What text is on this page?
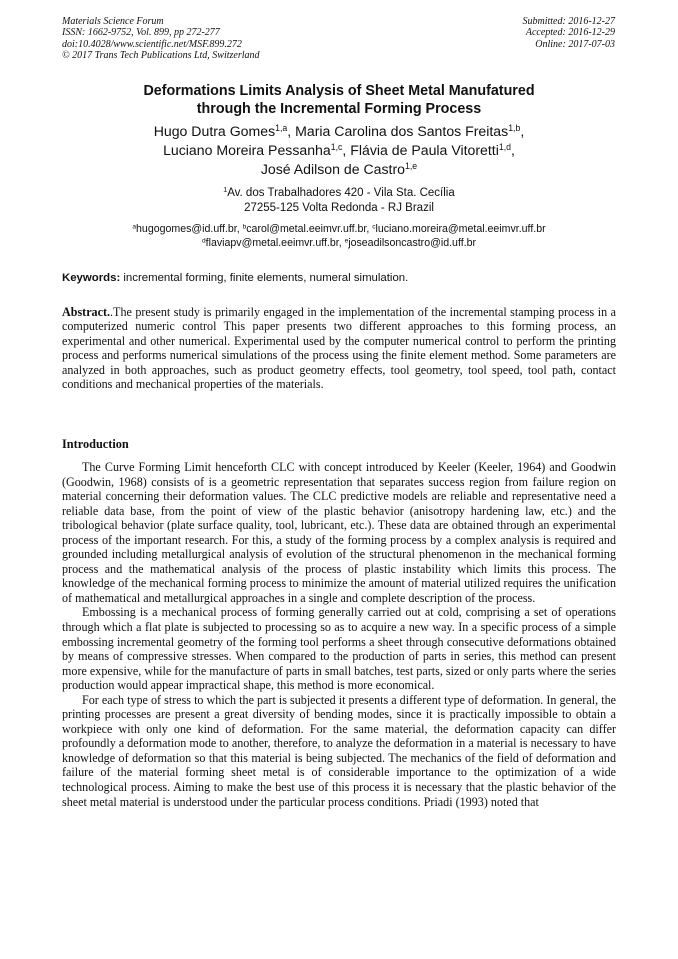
Materials Science Forum
ISSN: 1662-9752, Vol. 899, pp 272-277
doi:10.4028/www.scientific.net/MSF.899.272
© 2017 Trans Tech Publications Ltd, Switzerland
Submitted: 2016-12-27
Accepted: 2016-12-29
Online: 2017-07-03
Deformations Limits Analysis of Sheet Metal Manufatured
through the Incremental Forming Process
Hugo Dutra Gomes$^{1,a}$, Maria Carolina dos Santos Freitas$^{1,b}$,
Luciano Moreira Pessanha$^{1,c}$, Flávia de Paula Vitoretti$^{1,d}$,
José Adilson de Castro$^{1,e}$
$^1$Av. dos Trabalhadores 420 - Vila Sta. Cecília
27255-125 Volta Redonda - RJ Brazil
$^a$hugogomes@id.uff.br, $^b$carol@metal.eeimvr.uff.br, $^c$luciano.moreira@metal.eeimvr.uff.br
$^d$flaviapv@metal.eeimvr.uff.br, $^e$joseadilsoncastro@id.uff.br
Keywords: incremental forming, finite elements, numeral simulation.
Abstract..The present study is primarily engaged in the implementation of the incremental stamping process in a computerized numeric control This paper presents two different approaches to this forming process, an experimental and other numerical. Experimental used by the computer numerical control to perform the printing process and performs numerical simulations of the process using the finite element method. Some parameters are analyzed in both approaches, such as product geometry effects, tool geometry, tool speed, tool path, contact conditions and mechanical properties of the materials.
Introduction

The Curve Forming Limit henceforth CLC with concept introduced by Keeler (Keeler, 1964) and Goodwin (Goodwin, 1968) consists of is a geometric representation that separates success region from failure region on material concerning their deformation values. The CLC predictive models are reliable and representative need a reliable data base, from the point of view of the plastic behavior (anisotropy hardening law, etc.) and the tribological behavior (plate surface quality, tool, lubricant, etc.). These data are obtained through an experimental process of the important research. For this, a study of the forming process by a complex analysis is required and grounded including metallurgical analysis of evolution of the structural phenomenon in the mechanical forming process and the mathematical analysis of the process of plastic instability which limits this process. The knowledge of the mechanical forming process to minimize the amount of material utilized requires the unification of mathematical and metallurgical approaches in a single and complete description of the process.

Embossing is a mechanical process of forming generally carried out at cold, comprising a set of operations through which a flat plate is subjected to processing so as to acquire a new way. In a specific process of a simple embossing incremental geometry of the forming tool performs a sheet through consecutive deformations obtained by means of compressive stresses. When compared to the production of parts in series, this method can present more expensive, while for the manufacture of parts in small batches, test parts, sized or only parts where the series production would appear impractical shape, this method is more economical.

For each type of stress to which the part is subjected it presents a different type of deformation. In general, the printing processes are present a great diversity of bending modes, since it is practically impossible to obtain a workpiece with only one kind of deformation. For the same material, the deformation capacity can differ profoundly a deformation mode to another, therefore, to analyze the deformation in a material is necessary to have knowledge of deformation so that this material is being subjected. The mechanics of the field of deformation and failure of the material forming sheet metal is of considerable importance to the optimization of a wide technological process. Aiming to make the best use of this process it is necessary that the plastic behavior of the sheet metal material is understood under the particular process conditions. Priadi (1993) noted that
